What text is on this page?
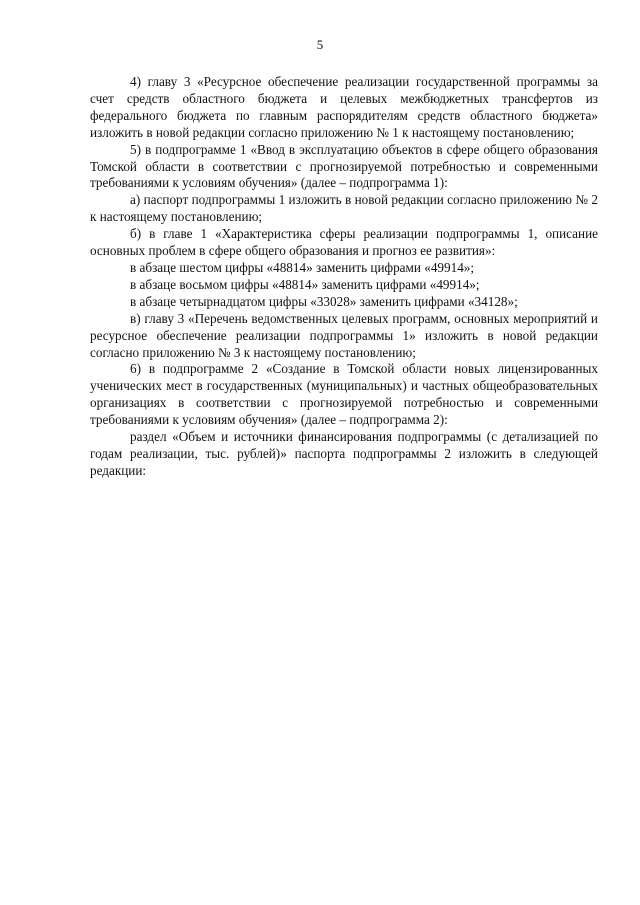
5

4) главу 3 «Ресурсное обеспечение реализации государственной программы за счет средств областного бюджета и целевых межбюджетных трансфертов из федерального бюджета по главным распорядителям средств областного бюджета» изложить в новой редакции согласно приложению № 1 к настоящему постановлению;

5) в подпрограмме 1 «Ввод в эксплуатацию объектов в сфере общего образования Томской области в соответствии с прогнозируемой потребностью и современными требованиями к условиям обучения» (далее – подпрограмма 1):

а) паспорт подпрограммы 1 изложить в новой редакции согласно приложению № 2 к настоящему постановлению;

б) в главе 1 «Характеристика сферы реализации подпрограммы 1, описание основных проблем в сфере общего образования и прогноз ее развития»:

в абзаце шестом цифры «48814» заменить цифрами «49914»;

в абзаце восьмом цифры «48814» заменить цифрами «49914»;

в абзаце четырнадцатом цифры «33028» заменить цифрами «34128»;

в) главу 3 «Перечень ведомственных целевых программ, основных мероприятий и ресурсное обеспечение реализации подпрограммы 1» изложить в новой редакции согласно приложению № 3 к настоящему постановлению;

6) в подпрограмме 2 «Создание в Томской области новых лицензированных ученических мест в государственных (муниципальных) и частных общеобразовательных организациях в соответствии с прогнозируемой потребностью и современными требованиями к условиям обучения» (далее – подпрограмма 2):

раздел «Объем и источники финансирования подпрограммы (с детализацией по годам реализации, тыс. рублей)» паспорта подпрограммы 2 изложить в следующей редакции:
